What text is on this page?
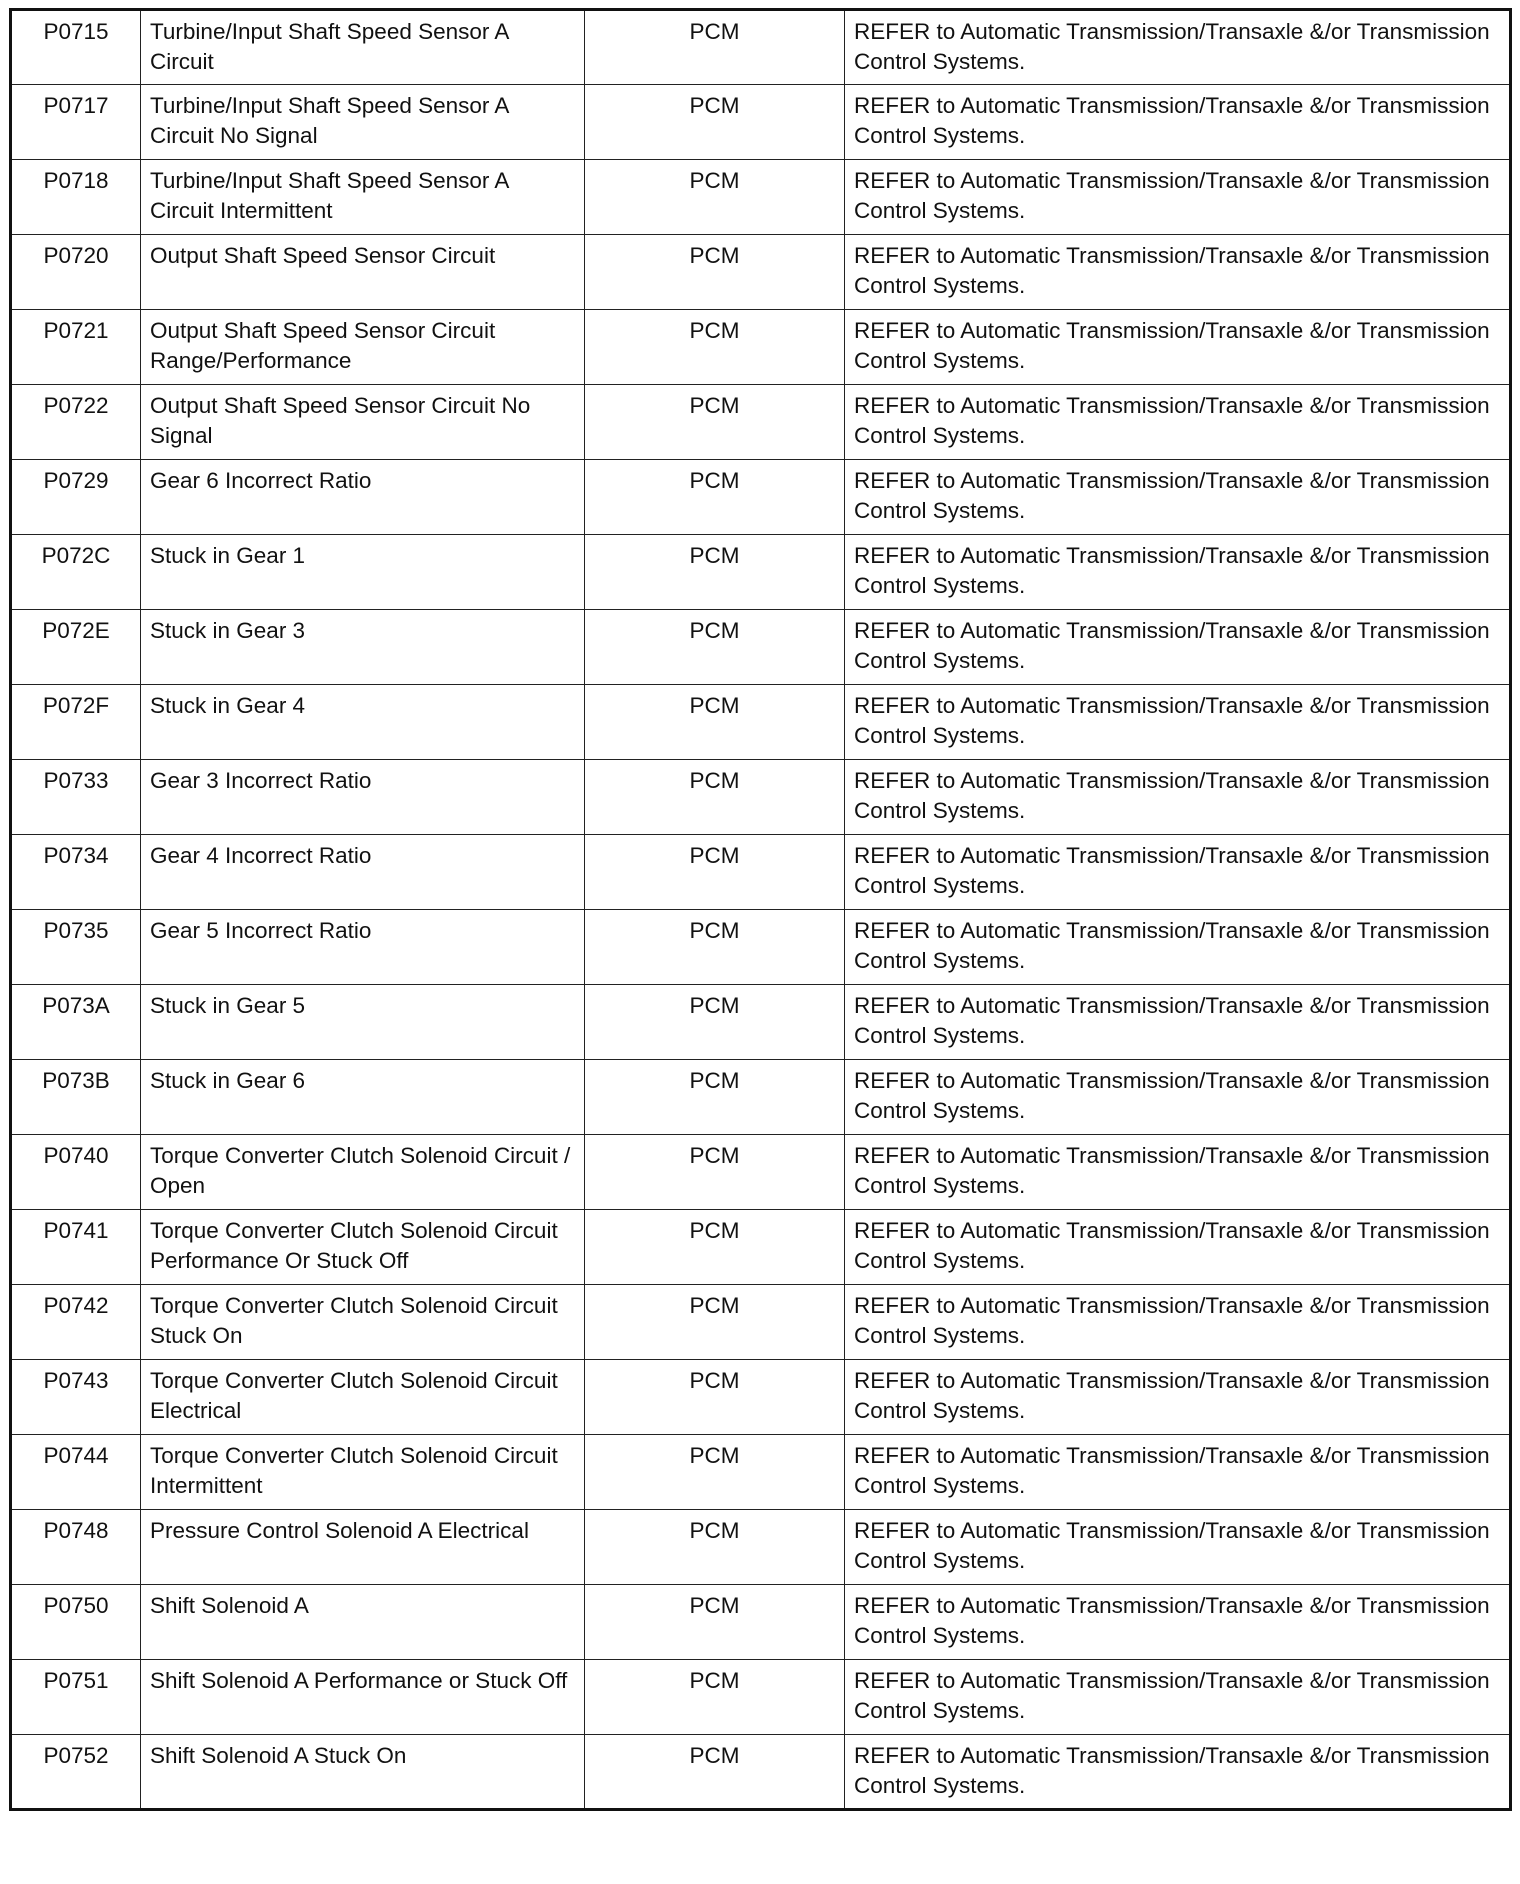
P0715	Turbine/Input Shaft Speed Sensor A Circuit	PCM	REFER to Automatic Transmission/Transaxle &/or Transmission Control Systems.
P0717	Turbine/Input Shaft Speed Sensor A Circuit No Signal	PCM	REFER to Automatic Transmission/Transaxle &/or Transmission Control Systems.
P0718	Turbine/Input Shaft Speed Sensor A Circuit Intermittent	PCM	REFER to Automatic Transmission/Transaxle &/or Transmission Control Systems.
P0720	Output Shaft Speed Sensor Circuit	PCM	REFER to Automatic Transmission/Transaxle &/or Transmission Control Systems.
P0721	Output Shaft Speed Sensor Circuit Range/Performance	PCM	REFER to Automatic Transmission/Transaxle &/or Transmission Control Systems.
P0722	Output Shaft Speed Sensor Circuit No Signal	PCM	REFER to Automatic Transmission/Transaxle &/or Transmission Control Systems.
P0729	Gear 6 Incorrect Ratio	PCM	REFER to Automatic Transmission/Transaxle &/or Transmission Control Systems.
P072C	Stuck in Gear 1	PCM	REFER to Automatic Transmission/Transaxle &/or Transmission Control Systems.
P072E	Stuck in Gear 3	PCM	REFER to Automatic Transmission/Transaxle &/or Transmission Control Systems.
P072F	Stuck in Gear 4	PCM	REFER to Automatic Transmission/Transaxle &/or Transmission Control Systems.
P0733	Gear 3 Incorrect Ratio	PCM	REFER to Automatic Transmission/Transaxle &/or Transmission Control Systems.
P0734	Gear 4 Incorrect Ratio	PCM	REFER to Automatic Transmission/Transaxle &/or Transmission Control Systems.
P0735	Gear 5 Incorrect Ratio	PCM	REFER to Automatic Transmission/Transaxle &/or Transmission Control Systems.
P073A	Stuck in Gear 5	PCM	REFER to Automatic Transmission/Transaxle &/or Transmission Control Systems.
P073B	Stuck in Gear 6	PCM	REFER to Automatic Transmission/Transaxle &/or Transmission Control Systems.
P0740	Torque Converter Clutch Solenoid Circuit / Open	PCM	REFER to Automatic Transmission/Transaxle &/or Transmission Control Systems.
P0741	Torque Converter Clutch Solenoid Circuit Performance Or Stuck Off	PCM	REFER to Automatic Transmission/Transaxle &/or Transmission Control Systems.
P0742	Torque Converter Clutch Solenoid Circuit Stuck On	PCM	REFER to Automatic Transmission/Transaxle &/or Transmission Control Systems.
P0743	Torque Converter Clutch Solenoid Circuit Electrical	PCM	REFER to Automatic Transmission/Transaxle &/or Transmission Control Systems.
P0744	Torque Converter Clutch Solenoid Circuit Intermittent	PCM	REFER to Automatic Transmission/Transaxle &/or Transmission Control Systems.
P0748	Pressure Control Solenoid A Electrical	PCM	REFER to Automatic Transmission/Transaxle &/or Transmission Control Systems.
P0750	Shift Solenoid A	PCM	REFER to Automatic Transmission/Transaxle &/or Transmission Control Systems.
P0751	Shift Solenoid A Performance or Stuck Off	PCM	REFER to Automatic Transmission/Transaxle &/or Transmission Control Systems.
P0752	Shift Solenoid A Stuck On	PCM	REFER to Automatic Transmission/Transaxle &/or Transmission Control Systems.
